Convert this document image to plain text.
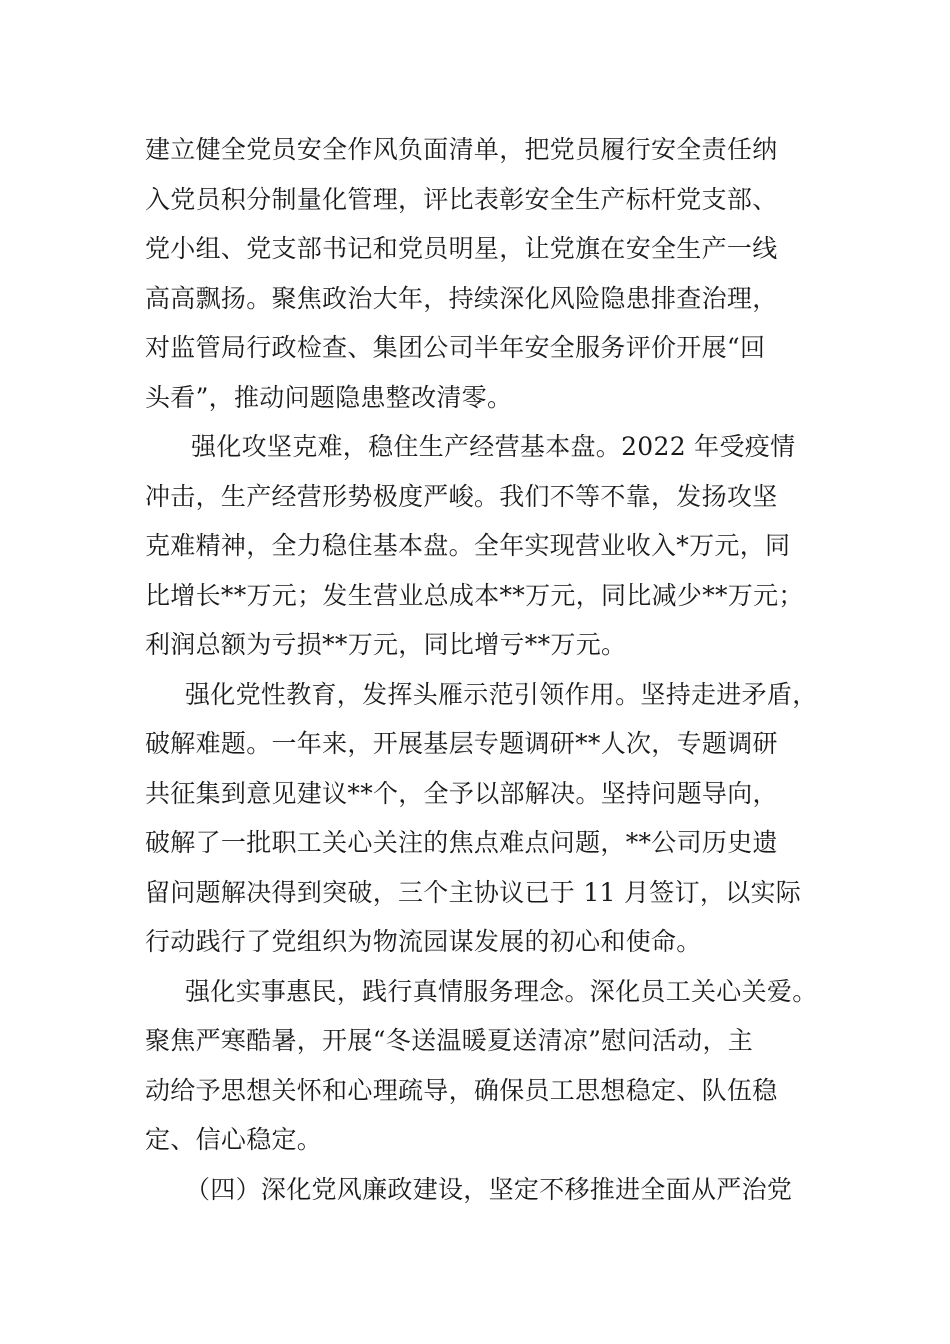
建立健全党员安全作风负面清单，把党员履行安全责任纳
入党员积分制量化管理，评比表彰安全生产标杆党支部、
党小组、党支部书记和党员明星，让党旗在安全生产一线
高高飘扬。聚焦政治大年，持续深化风险隐患排查治理，
对监管局行政检查、集团公司半年安全服务评价开展“回
头看”，推动问题隐患整改清零。
强化攻坚克难，稳住生产经营基本盘。2022 年受疫情
冲击，生产经营形势极度严峻。我们不等不靠，发扬攻坚
克难精神，全力稳住基本盘。全年实现营业收入*万元，同
比增长**万元；发生营业总成本**万元，同比减少**万元；
利润总额为亏损**万元，同比增亏**万元。
强化党性教育，发挥头雁示范引领作用。坚持走进矛盾，
破解难题。一年来，开展基层专题调研**人次，专题调研
共征集到意见建议**个，全予以部解决。坚持问题导向，
破解了一批职工关心关注的焦点难点问题，**公司历史遗
留问题解决得到突破，三个主协议已于 11 月签订，以实际
行动践行了党组织为物流园谋发展的初心和使命。
强化实事惠民，践行真情服务理念。深化员工关心关爱。
聚焦严寒酷暑，开展“冬送温暖夏送清凉”慰问活动，主
动给予思想关怀和心理疏导，确保员工思想稳定、队伍稳
定、信心稳定。
（四）深化党风廉政建设，坚定不移推进全面从严治党
